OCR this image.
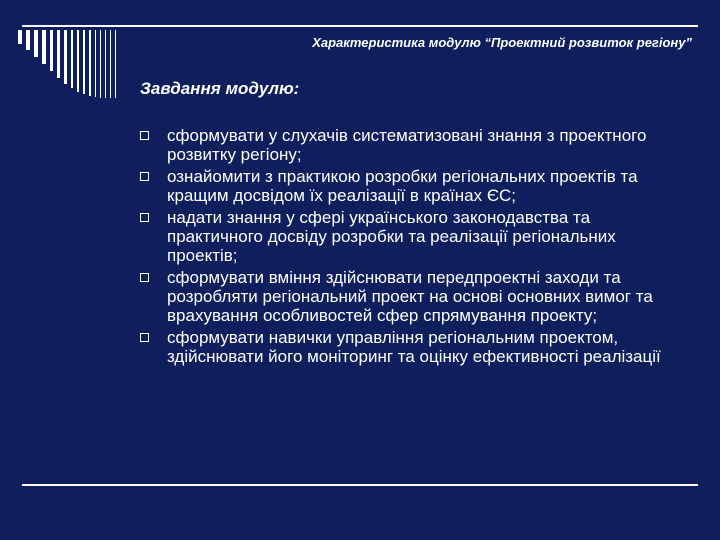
Характеристика модулю “Проектний розвиток регіону”
Завдання модулю:
сформувати у слухачів систематизовані знання з проектного розвитку регіону;
ознайомити з практикою розробки регіональних проектів та кращим досвідом їх реалізації в країнах ЄС;
надати знання у сфері українського законодавства та практичного досвіду розробки та реалізації регіональних проектів;
сформувати вміння здійснювати передпроектні заходи та розробляти регіональний проект на основі основних вимог та врахування особливостей сфер спрямування проекту;
сформувати навички управління регіональним проектом, здійснювати його моніторинг та оцінку ефективності реалізації
